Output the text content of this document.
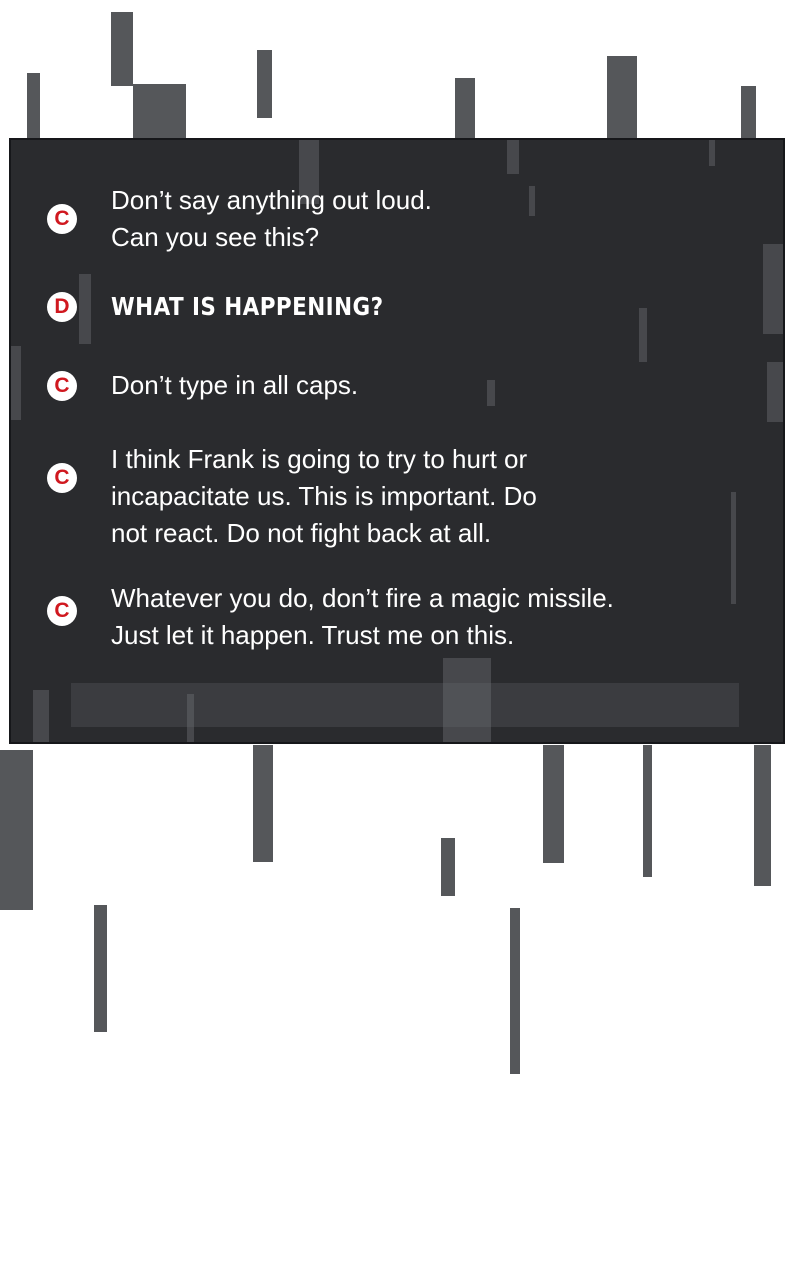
C
Don’t say anything out loud.
Can you see this?
D WHAT IS HAPPENING?
C Don’t type in all caps.
C
I think Frank is going to try to hurt or
incapacitate us. This is important. Do
not react. Do not fight back at all.
C Whatever you do, don’t fire a magic missile.
Just let it happen. Trust me on this.
